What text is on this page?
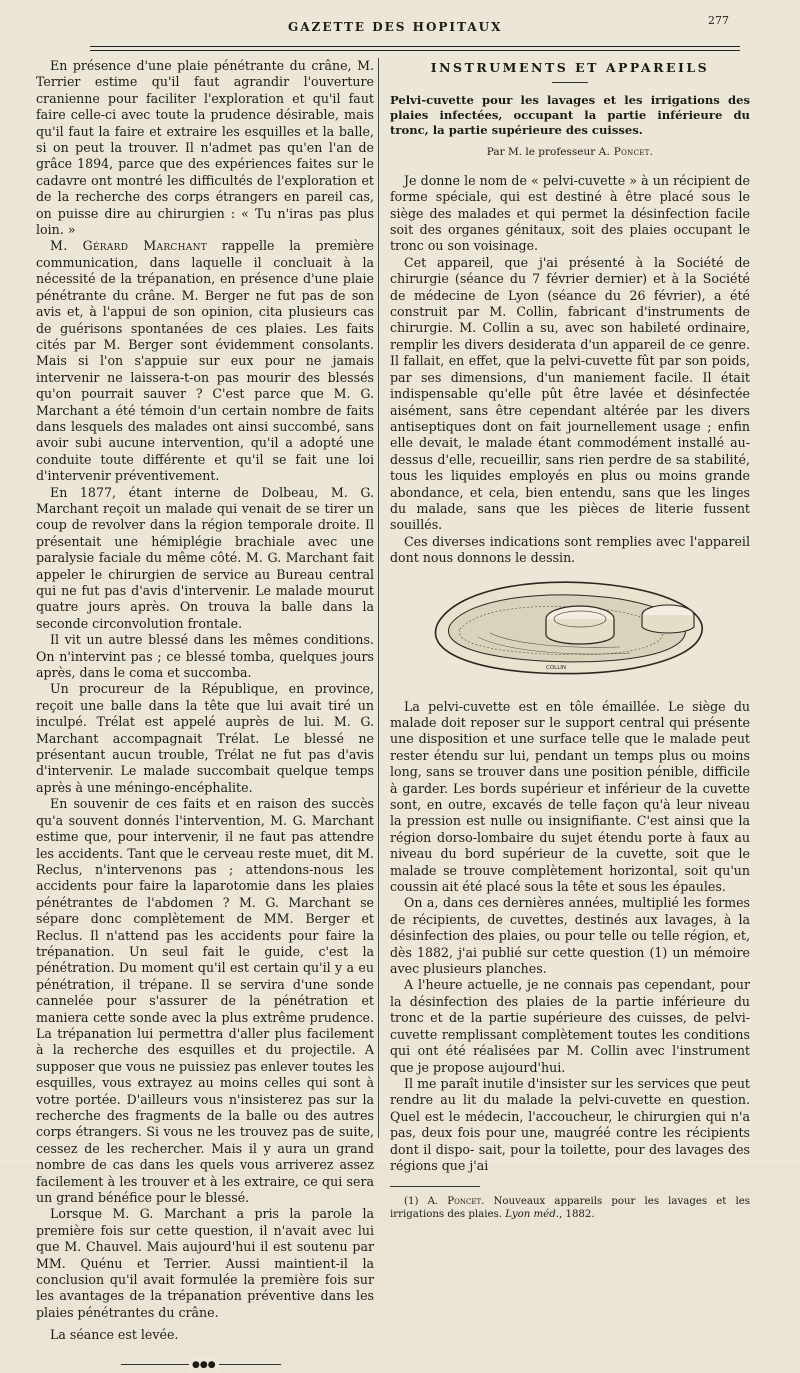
GAZETTE DES HOPITAUX	277

En présence d'une plaie pénétrante du crâne, M. Terrier estime qu'il faut agrandir l'ouverture cranienne pour faciliter l'exploration et qu'il faut faire celle-ci avec toute la prudence désirable, mais qu'il faut la faire et extraire les esquilles et la balle, si on peut la trouver. Il n'admet pas qu'en l'an de grâce 1894, parce que des expériences faites sur le cadavre ont montré les difficultés de l'exploration et de la recherche des corps étrangers en pareil cas, on puisse dire au chirurgien : « Tu n'iras pas plus loin. »

M. Gérard Marchant rappelle la première communication, dans laquelle il concluait à la nécessité de la trépanation, en présence d'une plaie pénétrante du crâne. M. Berger ne fut pas de son avis et, à l'appui de son opinion, cita plusieurs cas de guérisons spontanées de ces plaies. Les faits cités par M. Berger sont évidemment consolants. Mais si l'on s'appuie sur eux pour ne jamais intervenir ne laissera-t-on pas mourir des blessés qu'on pourrait sauver ? C'est parce que M. G. Marchant a été témoin d'un certain nombre de faits dans lesquels des malades ont ainsi succombé, sans avoir subi aucune intervention, qu'il a adopté une conduite toute différente et qu'il se fait une loi d'intervenir préventivement.

En 1877, étant interne de Dolbeau, M. G. Marchant reçoit un malade qui venait de se tirer un coup de revolver dans la région temporale droite. Il présentait une hémiplégie brachiale avec une paralysie faciale du même côté. M. G. Marchant fait appeler le chirurgien de service au Bureau central qui ne fut pas d'avis d'intervenir. Le malade mourut quatre jours après. On trouva la balle dans la seconde circonvolution frontale.

Il vit un autre blessé dans les mêmes conditions. On n'intervint pas ; ce blessé tomba, quelques jours après, dans le coma et succomba.

Un procureur de la République, en province, reçoit une balle dans la tête que lui avait tiré un inculpé. Trélat est appelé auprès de lui. M. G. Marchant accompagnait Trélat. Le blessé ne présentant aucun trouble, Trélat ne fut pas d'avis d'intervenir. Le malade succombait quelque temps après à une méningo-encéphalite.

En souvenir de ces faits et en raison des succès qu'a souvent donnés l'intervention, M. G. Marchant estime que, pour intervenir, il ne faut pas attendre les accidents. Tant que le cerveau reste muet, dit M. Reclus, n'intervenons pas ; attendons-nous les accidents pour faire la laparotomie dans les plaies pénétrantes de l'abdomen ? M. G. Marchant se sépare donc complètement de MM. Berger et Reclus. Il n'attend pas les accidents pour faire la trépanation. Un seul fait le guide, c'est la pénétration. Du moment qu'il est certain qu'il y a eu pénétration, il trépane. Il se servira d'une sonde cannelée pour s'assurer de la pénétration et maniera cette sonde avec la plus extrême prudence. La trépanation lui permettra d'aller plus facilement à la recherche des esquilles et du projectile. A supposer que vous ne puissiez pas enlever toutes les esquilles, vous extrayez au moins celles qui sont à votre portée. D'ailleurs vous n'insisterez pas sur la recherche des fragments de la balle ou des autres corps étrangers. Si vous ne les trouvez pas de suite, cessez de les rechercher. Mais il y aura un grand nombre de cas dans les quels vous arriverez assez facilement à les trouver et à les extraire, ce qui sera un grand bénéfice pour le blessé.

Lorsque M. G. Marchant a pris la parole la première fois sur cette question, il n'avait avec lui que M. Chauvel. Mais aujourd'hui il est soutenu par MM. Quénu et Terrier. Aussi maintient-il la conclusion qu'il avait formulée la première fois sur les avantages de la trépanation préventive dans les plaies pénétrantes du crâne.

La séance est levée.

●●●
INSTRUMENTS ET APPAREILS
Pelvi-cuvette pour les lavages et les irrigations des plaies infectées, occupant la partie inférieure du tronc, la partie supérieure des cuisses.
Par M. le professeur A. Poncet.

Je donne le nom de « pelvi-cuvette » à un récipient de forme spéciale, qui est destiné à être placé sous le siège des malades et qui permet la désinfection facile soit des organes génitaux, soit des plaies occupant le tronc ou son voisinage.

Cet appareil, que j'ai présenté à la Société de chirurgie (séance du 7 février dernier) et à la Société de médecine de Lyon (séance du 26 février), a été construit par M. Collin, fabricant d'instruments de chirurgie. M. Collin a su, avec son habileté ordinaire, remplir les divers desiderata d'un appareil de ce genre. Il fallait, en effet, que la pelvi-cuvette fût par son poids, par ses dimensions, d'un maniement facile. Il était indispensable qu'elle pût être lavée et désinfectée aisément, sans être cependant altérée par les divers antiseptiques dont on fait journellement usage ; enfin elle devait, le malade étant commodément installé au-dessus d'elle, recueillir, sans rien perdre de sa stabilité, tous les liquides employés en plus ou moins grande abondance, et cela, bien entendu, sans que les linges du malade, sans que les pièces de literie fussent souillés.

Ces diverses indications sont remplies avec l'appareil dont nous donnons le dessin.

COLLIN

La pelvi-cuvette est en tôle émaillée. Le siège du malade doit reposer sur le support central qui présente une disposition et une surface telle que le malade peut rester étendu sur lui, pendant un temps plus ou moins long, sans se trouver dans une position pénible, difficile à garder. Les bords supérieur et inférieur de la cuvette sont, en outre, excavés de telle façon qu'à leur niveau la pression est nulle ou insignifiante. C'est ainsi que la région dorso-lombaire du sujet étendu porte à faux au niveau du bord supérieur de la cuvette, soit que le malade se trouve complètement horizontal, soit qu'un coussin ait été placé sous la tête et sous les épaules.

On a, dans ces dernières années, multiplié les formes de récipients, de cuvettes, destinés aux lavages, à la désinfection des plaies, ou pour telle ou telle région, et, dès 1882, j'ai publié sur cette question (1) un mémoire avec plusieurs planches.

A l'heure actuelle, je ne connais pas cependant, pour la désinfection des plaies de la partie inférieure du tronc et de la partie supérieure des cuisses, de pelvi-cuvette remplissant complètement toutes les conditions qui ont été réalisées par M. Collin avec l'instrument que je propose aujourd'hui.

Il me paraît inutile d'insister sur les services que peut rendre au lit du malade la pelvi-cuvette en question. Quel est le médecin, l'accoucheur, le chirurgien qui n'a pas, deux fois pour une, maugréé contre les récipients dont il dispo- sait, pour la toilette, pour des lavages des régions que j'ai

(1) A. Poncet. Nouveaux appareils pour les lavages et les irrigations des plaies. Lyon méd., 1882.
